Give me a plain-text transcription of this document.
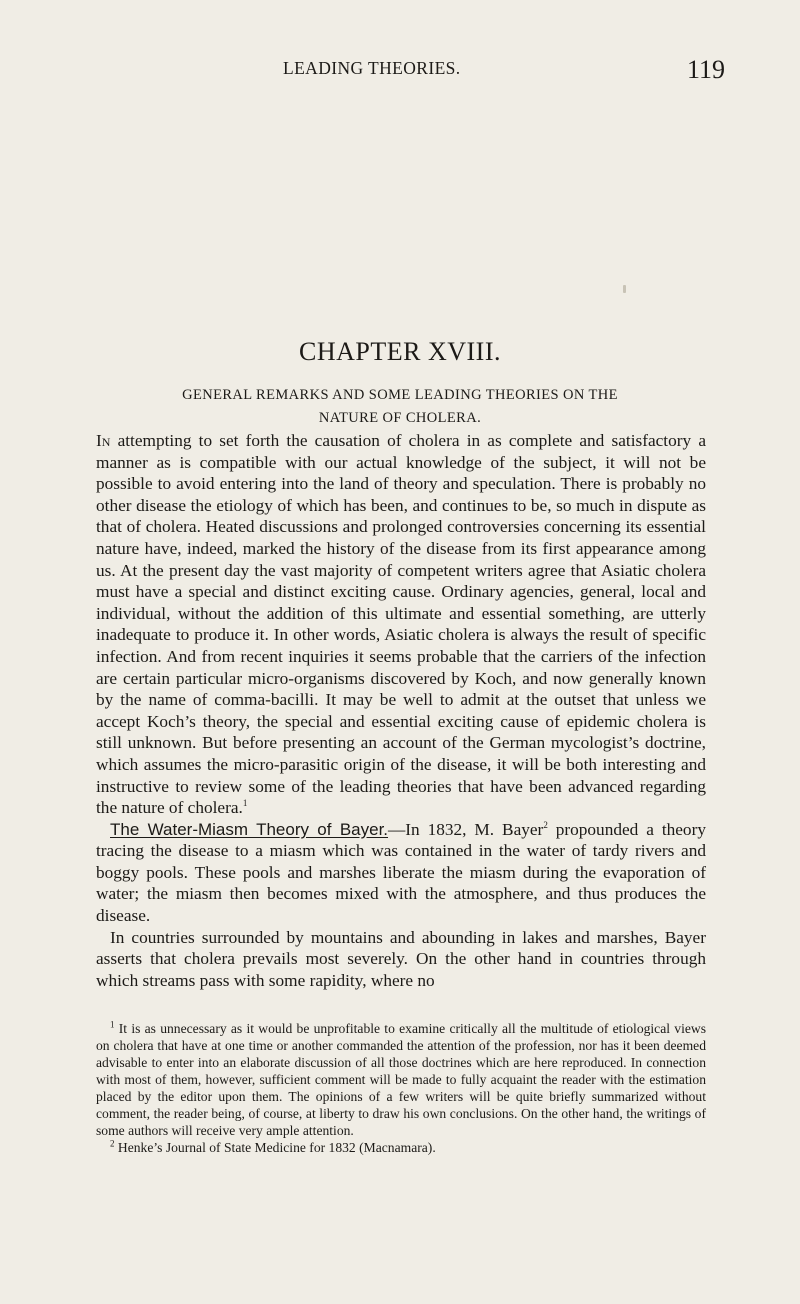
LEADING THEORIES.	119
CHAPTER XVIII.
GENERAL REMARKS AND SOME LEADING THEORIES ON THE
NATURE OF CHOLERA.

In attempting to set forth the causation of cholera in as complete and satisfactory a manner as is compatible with our actual knowledge of the subject, it will not be possible to avoid entering into the land of theory and speculation. There is probably no other disease the etiology of which has been, and continues to be, so much in dispute as that of cholera. Heated discussions and prolonged controversies concerning its essential nature have, indeed, marked the history of the disease from its first appearance among us. At the present day the vast majority of competent writers agree that Asiatic cholera must have a special and distinct exciting cause. Ordinary agencies, general, local and individual, without the addition of this ultimate and essential something, are utterly inadequate to produce it. In other words, Asiatic cholera is always the result of specific infection. And from recent inquiries it seems probable that the carriers of the infection are certain particular micro-organisms discovered by Koch, and now generally known by the name of comma-bacilli. It may be well to admit at the outset that unless we accept Koch’s theory, the special and essential exciting cause of epidemic cholera is still unknown. But before presenting an account of the German mycologist’s doctrine, which assumes the micro-parasitic origin of the disease, it will be both interesting and instructive to review some of the leading theories that have been advanced regarding the nature of cholera.$^1$

The Water-Miasm Theory of Bayer.—In 1832, M. Bayer$^2$ propounded a theory tracing the disease to a miasm which was contained in the water of tardy rivers and boggy pools. These pools and marshes liberate the miasm during the evaporation of water; the miasm then becomes mixed with the atmosphere, and thus produces the disease.

In countries surrounded by mountains and abounding in lakes and marshes, Bayer asserts that cholera prevails most severely. On the other hand in countries through which streams pass with some rapidity, where no

$^1$ It is as unnecessary as it would be unprofitable to examine critically all the multitude of etiological views on cholera that have at one time or another commanded the attention of the profession, nor has it been deemed advisable to enter into an elaborate discussion of all those doctrines which are here reproduced. In connection with most of them, however, sufficient comment will be made to fully acquaint the reader with the estimation placed by the editor upon them. The opinions of a few writers will be quite briefly summarized without comment, the reader being, of course, at liberty to draw his own conclusions. On the other hand, the writings of some authors will receive very ample attention.

$^2$ Henke’s Journal of State Medicine for 1832 (Macnamara).
